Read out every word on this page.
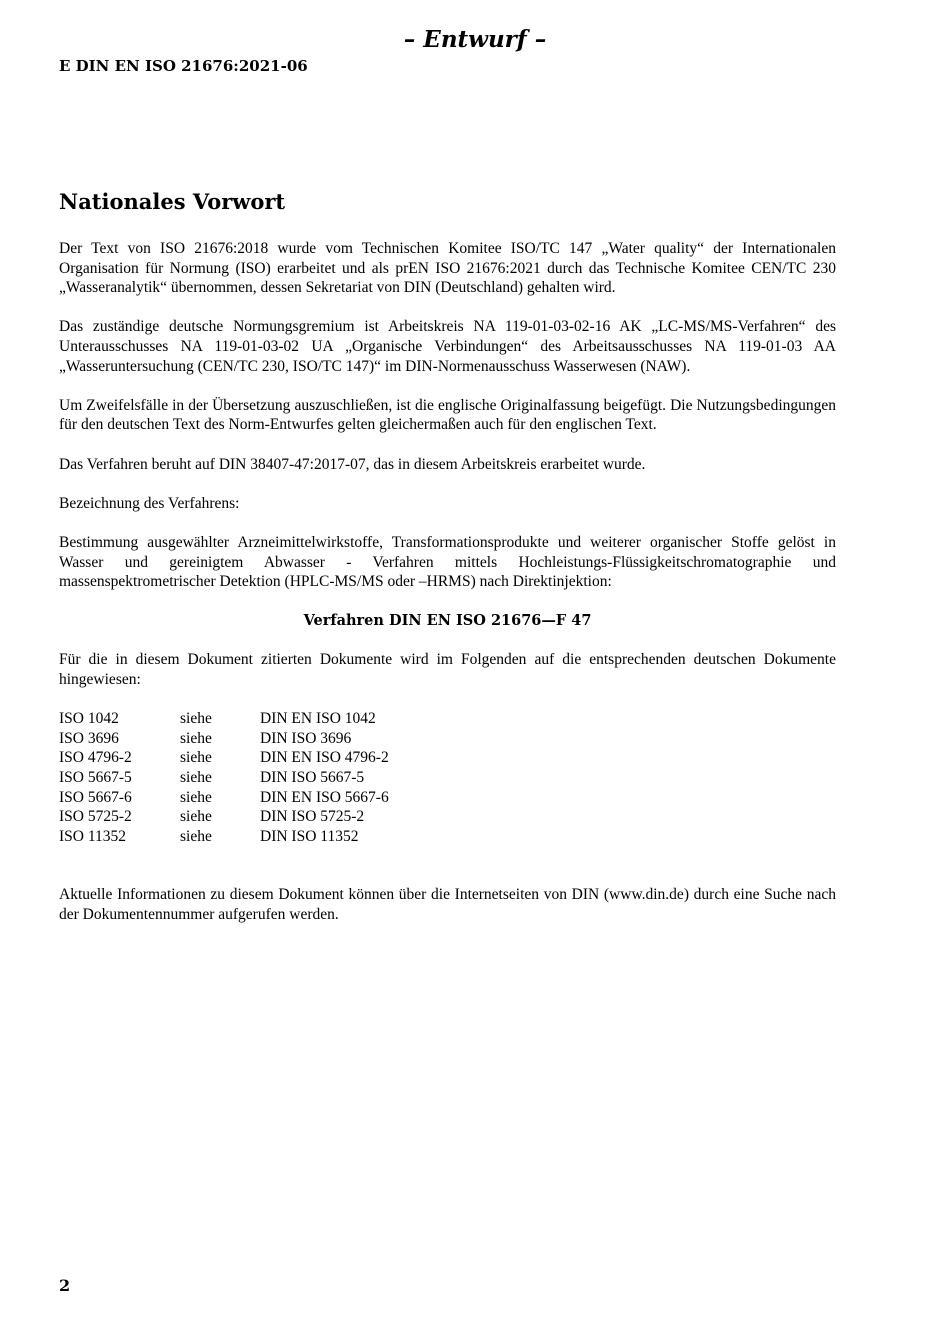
– Entwurf –
E DIN EN ISO 21676:2021-06
Nationales Vorwort

Der Text von ISO 21676:2018 wurde vom Technischen Komitee ISO/TC 147 „Water quality“ der Internationalen Organisation für Normung (ISO) erarbeitet und als prEN ISO 21676:2021 durch das Technische Komitee CEN/TC 230 „Wasseranalytik“ übernommen, dessen Sekretariat von DIN (Deutschland) gehalten wird.

Das zuständige deutsche Normungsgremium ist Arbeitskreis NA 119-01-03-02-16 AK „LC-MS/MS-Verfahren“ des Unterausschusses NA 119-01-03-02 UA „Organische Verbindungen“ des Arbeitsausschusses NA 119-01-03 AA „Wasseruntersuchung (CEN/TC 230, ISO/TC 147)“ im DIN-Normenausschuss Wasserwesen (NAW).

Um Zweifelsfälle in der Übersetzung auszuschließen, ist die englische Originalfassung beigefügt. Die Nutzungsbedingungen für den deutschen Text des Norm-Entwurfes gelten gleichermaßen auch für den englischen Text.

Das Verfahren beruht auf DIN 38407-47:2017-07, das in diesem Arbeitskreis erarbeitet wurde.

Bezeichnung des Verfahrens:

Bestimmung ausgewählter Arzneimittelwirkstoffe, Transformationsprodukte und weiterer organischer Stoffe gelöst in Wasser und gereinigtem Abwasser - Verfahren mittels Hochleistungs-Flüssigkeitschromatographie und massenspektrometrischer Detektion (HPLC-MS/MS oder –HRMS) nach Direktinjektion:

Verfahren DIN EN ISO 21676—F 47

Für die in diesem Dokument zitierten Dokumente wird im Folgenden auf die entsprechenden deutschen Dokumente hingewiesen:

ISO 1042	siehe	DIN EN ISO 1042
ISO 3696	siehe	DIN ISO 3696
ISO 4796-2	siehe	DIN EN ISO 4796-2
ISO 5667-5	siehe	DIN ISO 5667-5
ISO 5667-6	siehe	DIN EN ISO 5667-6
ISO 5725-2	siehe	DIN ISO 5725-2
ISO 11352	siehe	DIN ISO 11352

Aktuelle Informationen zu diesem Dokument können über die Internetseiten von DIN (www.din.de) durch eine Suche nach der Dokumentennummer aufgerufen werden.

2
